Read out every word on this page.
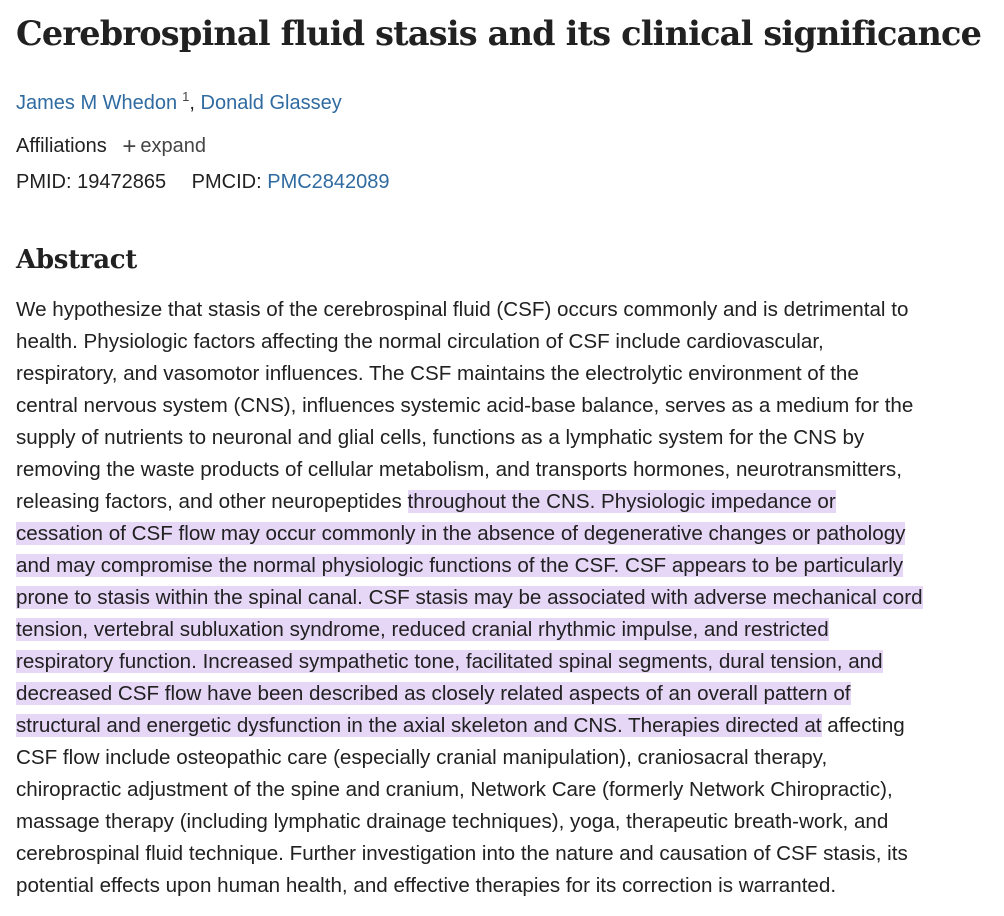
Cerebrospinal fluid stasis and its clinical significance
James M Whedon $^1$, Donald Glassey
Affiliations + expand
PMID: 19472865 PMCID: PMC2842089
Abstract
We hypothesize that stasis of the cerebrospinal fluid (CSF) occurs commonly and is detrimental to
health. Physiologic factors affecting the normal circulation of CSF include cardiovascular,
respiratory, and vasomotor influences. The CSF maintains the electrolytic environment of the
central nervous system (CNS), influences systemic acid-base balance, serves as a medium for the
supply of nutrients to neuronal and glial cells, functions as a lymphatic system for the CNS by
removing the waste products of cellular metabolism, and transports hormones, neurotransmitters,
releasing factors, and other neuropeptides throughout the CNS. Physiologic impedance or
cessation of CSF flow may occur commonly in the absence of degenerative changes or pathology
and may compromise the normal physiologic functions of the CSF. CSF appears to be particularly
prone to stasis within the spinal canal. CSF stasis may be associated with adverse mechanical cord
tension, vertebral subluxation syndrome, reduced cranial rhythmic impulse, and restricted
respiratory function. Increased sympathetic tone, facilitated spinal segments, dural tension, and
decreased CSF flow have been described as closely related aspects of an overall pattern of
structural and energetic dysfunction in the axial skeleton and CNS. Therapies directed at affecting
CSF flow include osteopathic care (especially cranial manipulation), craniosacral therapy,
chiropractic adjustment of the spine and cranium, Network Care (formerly Network Chiropractic),
massage therapy (including lymphatic drainage techniques), yoga, therapeutic breath-work, and
cerebrospinal fluid technique. Further investigation into the nature and causation of CSF stasis, its
potential effects upon human health, and effective therapies for its correction is warranted.
